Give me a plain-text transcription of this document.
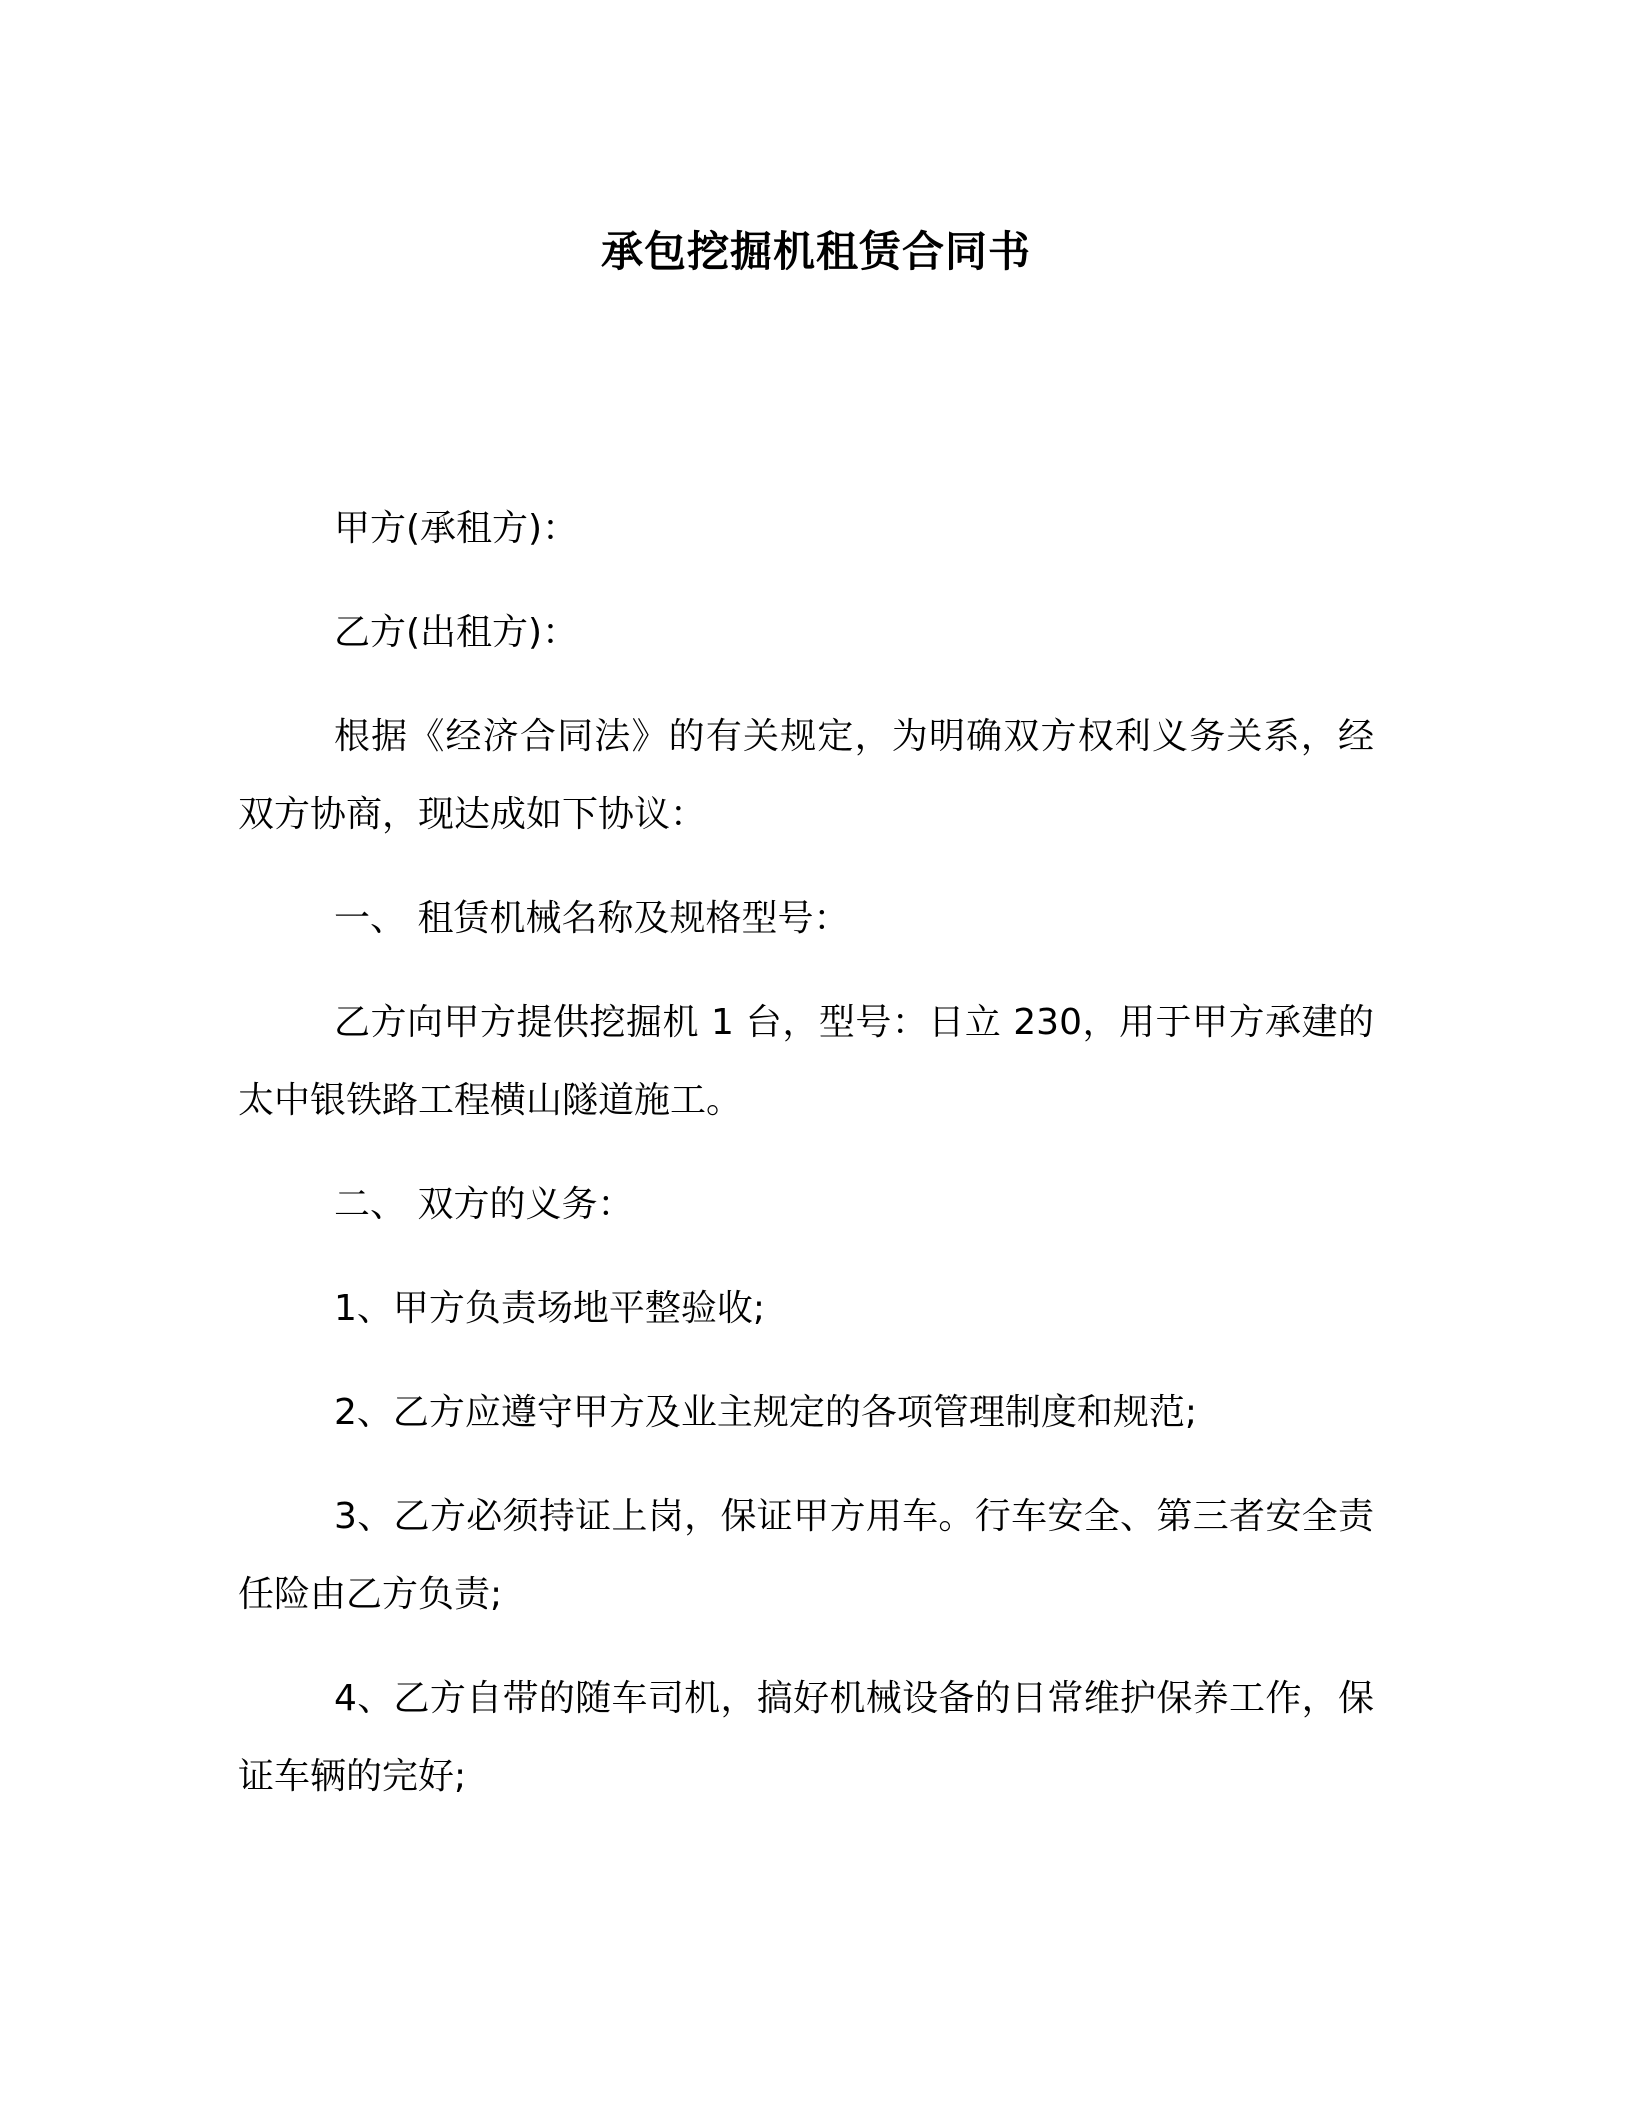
承包挖掘机租赁合同书

甲方(承租方)：

乙方(出租方)：

根据《经济合同法》的有关规定，为明确双方权利义务关系，经双方协商，现达成如下协议：

一、 租赁机械名称及规格型号：

乙方向甲方提供挖掘机 1 台，型号：日立 230，用于甲方承建的太中银铁路工程横山隧道施工。

二、 双方的义务：

1、甲方负责场地平整验收;

2、乙方应遵守甲方及业主规定的各项管理制度和规范;

3、乙方必须持证上岗，保证甲方用车。行车安全、第三者安全责任险由乙方负责;

4、乙方自带的随车司机，搞好机械设备的日常维护保养工作，保证车辆的完好;
